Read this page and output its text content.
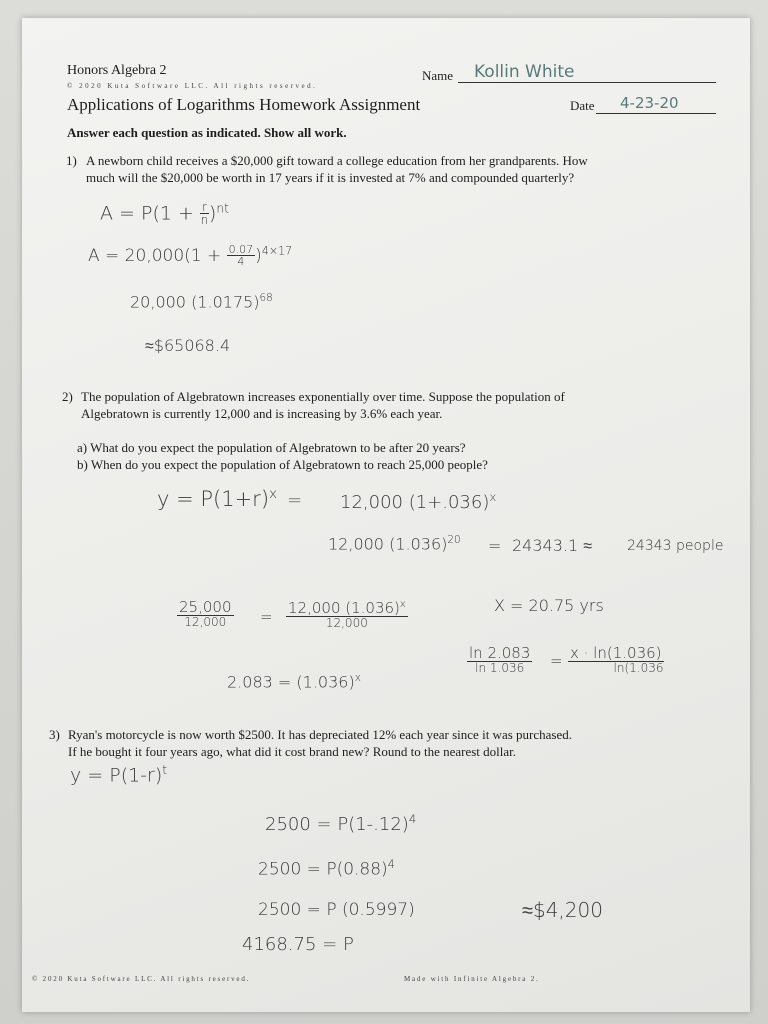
Honors Algebra 2
© 2020 Kuta Software LLC. All rights reserved.
Name Kollin White
Applications of Logarithms Homework Assignment	Date 4-23-20
Answer each question as indicated. Show all work.
1) A newborn child receives a $20,000 gift toward a college education from her grandparents. How
much will the $20,000 be worth in 17 years if it is invested at 7% and compounded quarterly?
$A = P(1 + \frac{r}{n} )^{nt}$
$A = 20,000(1 + \frac{0.07}{4} )^{4\times 17}$
20,000 $(1.0175)^{68}$
≈$65068.4
2) The population of Algebratown increases exponentially over time. Suppose the population of
Algebratown is currently 12,000 and is increasing by 3.6% each year.
a) What do you expect the population of Algebratown to be after 20 years?
b) When do you expect the population of Algebratown to reach 25,000 people?
$y = P(1+r)^x = 12,000$ $(1+.036)^x$
12,000 $(1.036)^{20} = 24343.1 \approx 24343$ people
$\frac{25,000}{12,000} = \frac{12,000 (1.036)^x}{12,000}$	X = 20.75 yrs
$2.083 = (1.036)^x$
$\frac{\ln 2.083}{\ln 1.036} = \frac{x \cdot \ln(1.036)}{\ln(1.036}$
3) Ryan's motorcycle is now worth $2500. It has depreciated 12% each year since it was purchased.
If he bought it four years ago, what did it cost brand new? Round to the nearest dollar.
$y = P(1-r)^t$
$2500 = P(1-.12)^4$
$2500 = P(0.88)^4$
2500 = P (0.5997)	≈$4,200
4168.75 = P
© 2020 Kuta Software LLC. All rights reserved.	Made with Infinite Algebra 2.
